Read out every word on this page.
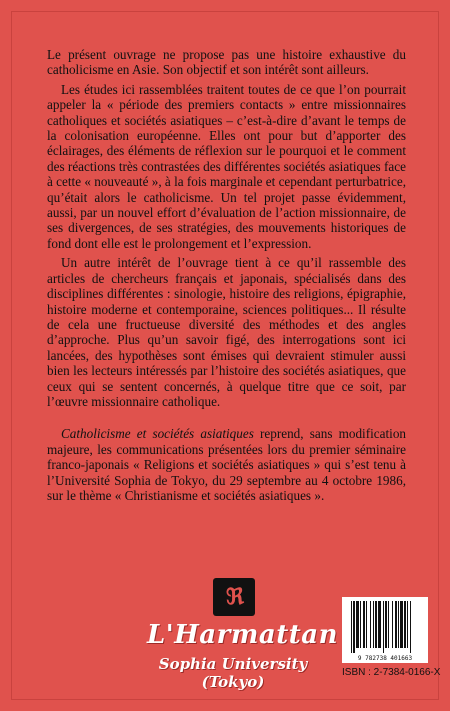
Le présent ouvrage ne propose pas une histoire exhaustive du catholicisme en Asie. Son objectif et son intérêt sont ailleurs.

Les études ici rassemblées traitent toutes de ce que l’on pourrait appeler la « période des premiers contacts » entre missionnaires catholiques et sociétés asiatiques – c’est-à-dire d’avant le temps de la colonisation européenne. Elles ont pour but d’apporter des éclairages, des éléments de réflexion sur le pourquoi et le comment des réactions très contrastées des différentes sociétés asiatiques face à cette « nouveauté », à la fois marginale et cependant perturbatrice, qu’était alors le catholicisme. Un tel projet passe évidemment, aussi, par un nouvel effort d’évaluation de l’action missionnaire, de ses divergences, de ses stratégies, des mouvements historiques de fond dont elle est le prolongement et l’expression.

Un autre intérêt de l’ouvrage tient à ce qu’il rassemble des articles de chercheurs français et japonais, spécialisés dans des disciplines différentes : sinologie, histoire des religions, épigraphie, histoire moderne et contemporaine, sciences politiques... Il résulte de cela une fructueuse diversité des méthodes et des angles d’approche. Plus qu’un savoir figé, des interrogations sont ici lancées, des hypothèses sont émises qui devraient stimuler aussi bien les lecteurs intéressés par l’histoire des sociétés asiatiques, que ceux qui se sentent concernés, à quelque titre que ce soit, par l’œuvre missionnaire catholique.

Catholicisme et sociétés asiatiques reprend, sans modification majeure, les communications présentées lors du premier séminaire franco-japonais « Religions et sociétés asiatiques » qui s’est tenu à l’Université Sophia de Tokyo, du 29 septembre au 4 octobre 1986, sur le thème « Christianisme et sociétés asiatiques ».

ℜ
L'Harmattan
Sophia University (Tokyo)
9 782738 401663
ISBN : 2-7384-0166-X
